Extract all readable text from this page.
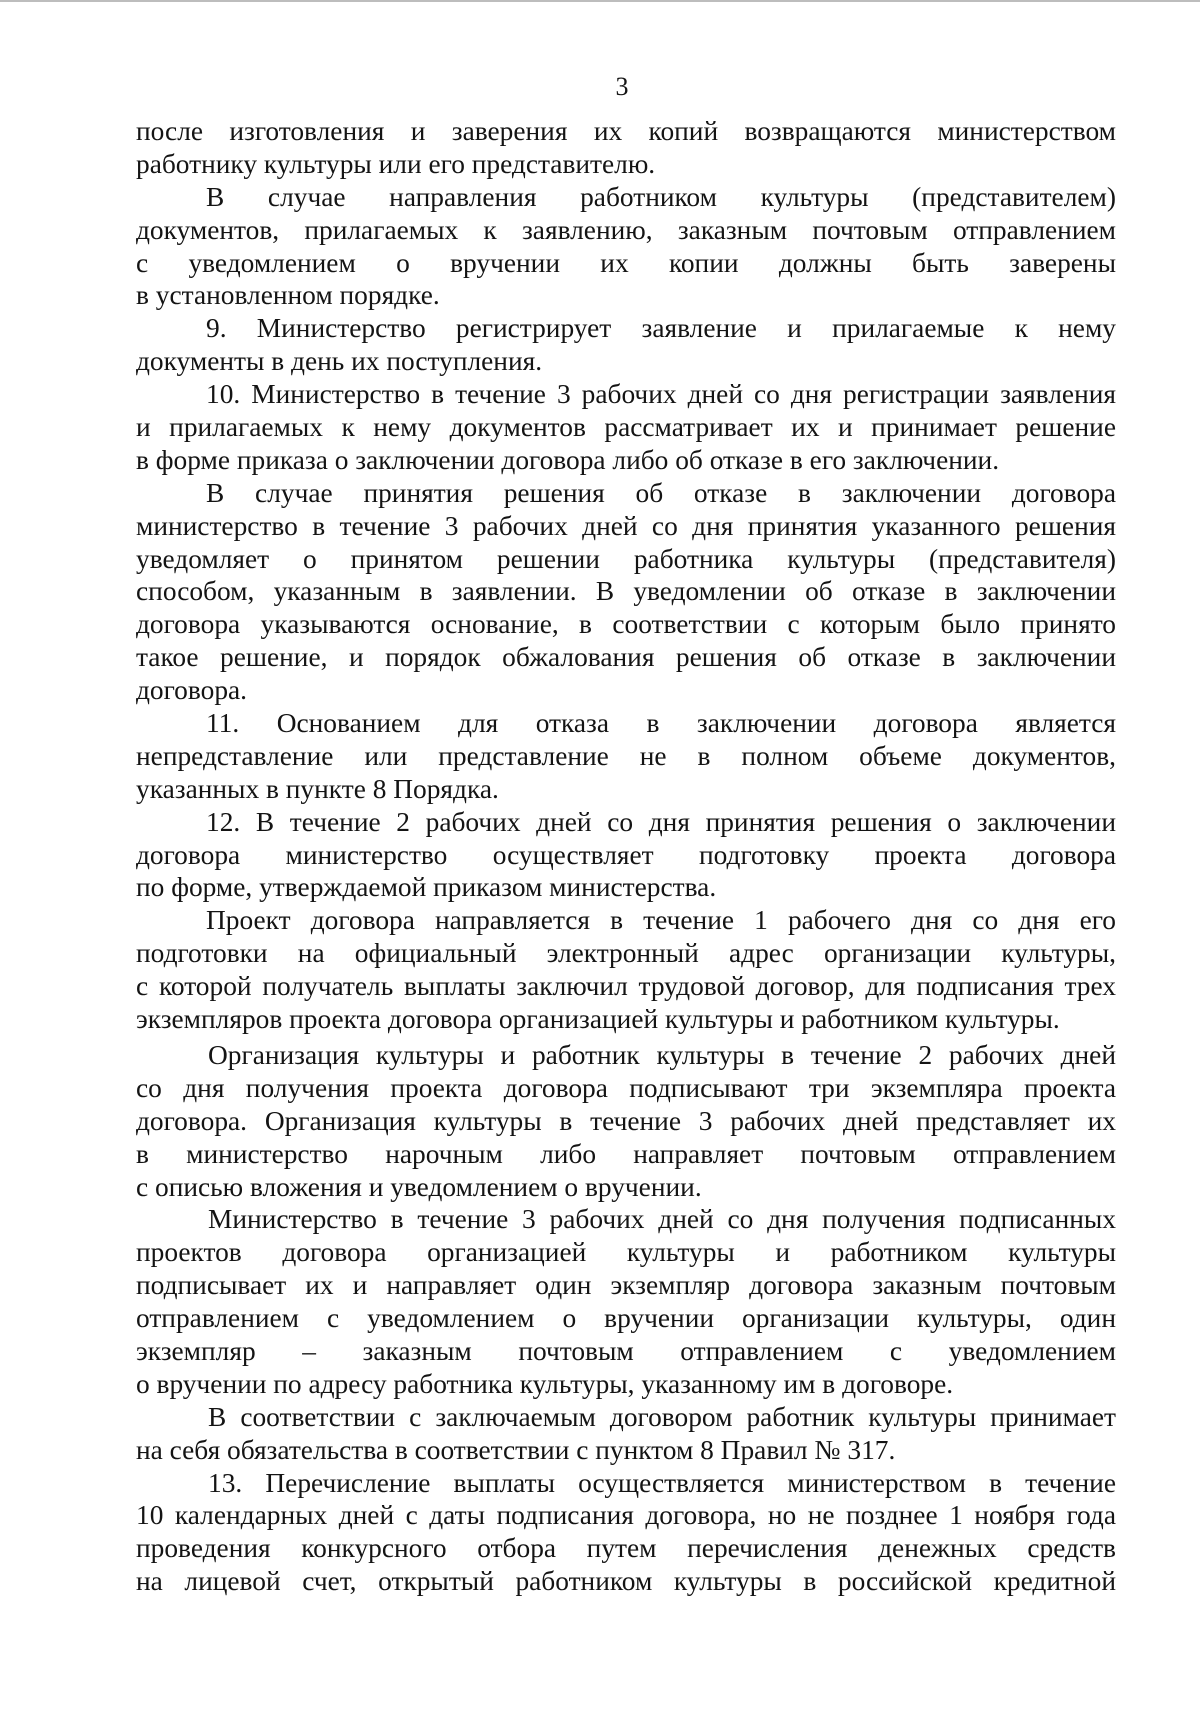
3
после изготовления и заверения их копий возвращаются министерством
работнику культуры или его представителю.
В случае направления работником культуры (представителем)
документов, прилагаемых к заявлению, заказным почтовым отправлением
с уведомлением о вручении их копии должны быть заверены
в установленном порядке.
9. Министерство регистрирует заявление и прилагаемые к нему
документы в день их поступления.
10. Министерство в течение 3 рабочих дней со дня регистрации заявления
и прилагаемых к нему документов рассматривает их и принимает решение
в форме приказа о заключении договора либо об отказе в его заключении.
В случае принятия решения об отказе в заключении договора
министерство в течение 3 рабочих дней со дня принятия указанного решения
уведомляет о принятом решении работника культуры (представителя)
способом, указанным в заявлении. В уведомлении об отказе в заключении
договора указываются основание, в соответствии с которым было принято
такое решение, и порядок обжалования решения об отказе в заключении
договора.
11. Основанием для отказа в заключении договора является
непредставление или представление не в полном объеме документов,
указанных в пункте 8 Порядка.
12. В течение 2 рабочих дней со дня принятия решения о заключении
договора министерство осуществляет подготовку проекта договора
по форме, утверждаемой приказом министерства.
Проект договора направляется в течение 1 рабочего дня со дня его
подготовки на официальный электронный адрес организации культуры,
с которой получатель выплаты заключил трудовой договор, для подписания трех
экземпляров проекта договора организацией культуры и работником культуры.
Организация культуры и работник культуры в течение 2 рабочих дней
со дня получения проекта договора подписывают три экземпляра проекта
договора. Организация культуры в течение 3 рабочих дней представляет их
в министерство нарочным либо направляет почтовым отправлением
с описью вложения и уведомлением о вручении.
Министерство в течение 3 рабочих дней со дня получения подписанных
проектов договора организацией культуры и работником культуры
подписывает их и направляет один экземпляр договора заказным почтовым
отправлением с уведомлением о вручении организации культуры, один
экземпляр – заказным почтовым отправлением с уведомлением
о вручении по адресу работника культуры, указанному им в договоре.
В соответствии с заключаемым договором работник культуры принимает
на себя обязательства в соответствии с пунктом 8 Правил № 317.
13. Перечисление выплаты осуществляется министерством в течение
10 календарных дней с даты подписания договора, но не позднее 1 ноября года
проведения конкурсного отбора путем перечисления денежных средств
на лицевой счет, открытый работником культуры в российской кредитной
